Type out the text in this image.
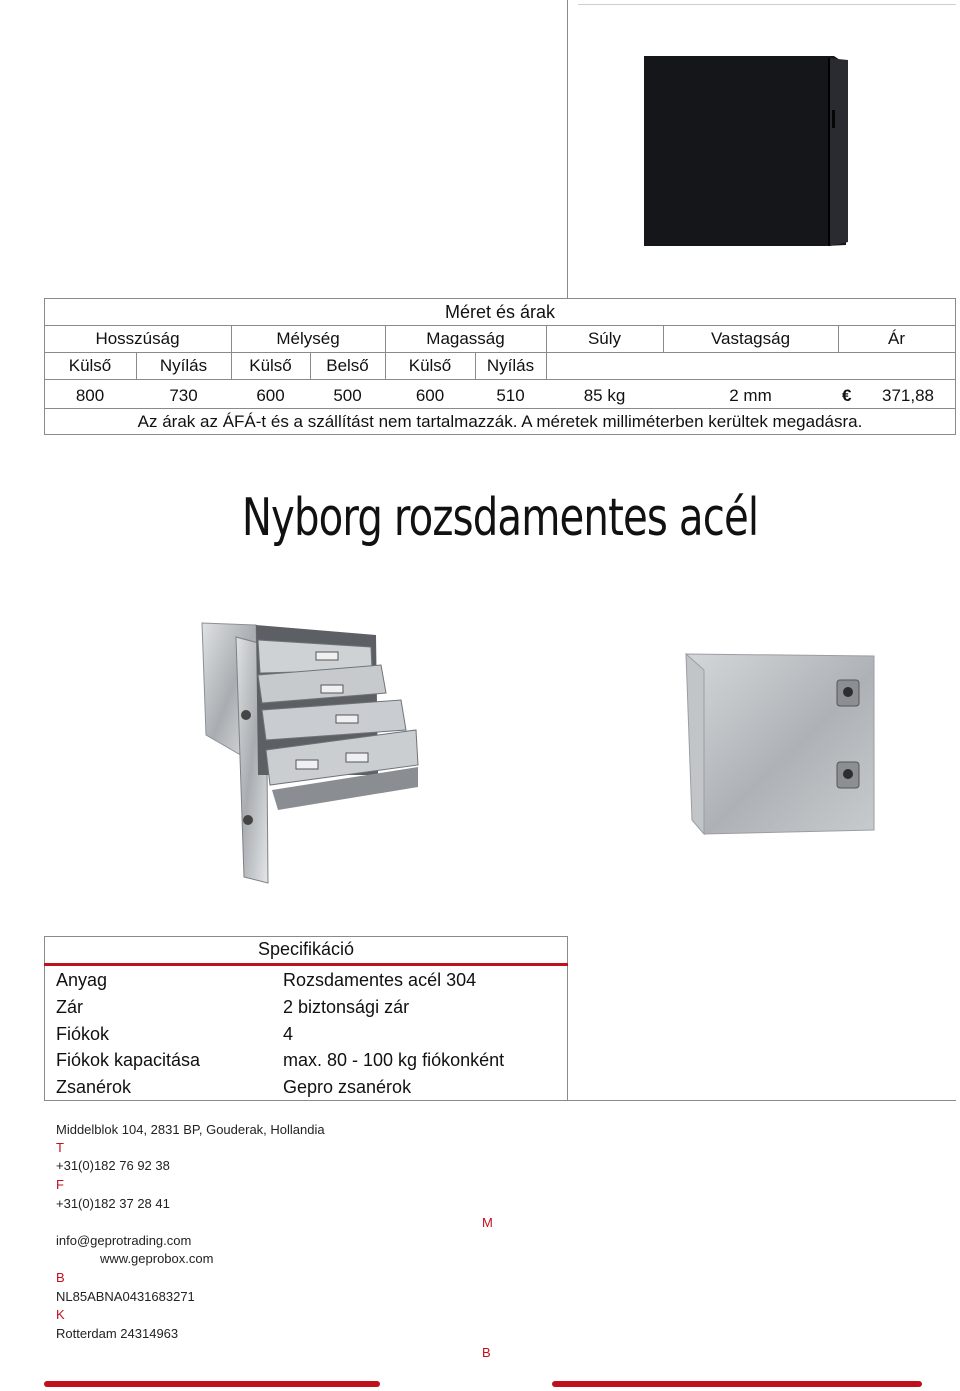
Méret és árak
Hosszúság	Mélység	Magasság	Súly	Vastagság	Ár
Külső	Nyílás	Külső	Belső	Külső	Nyílás
800	730	600	500	600	510	85 kg	2 mm	€	371,88
Az árak az ÁFÁ-t és a szállítást nem tartalmazzák. A méretek milliméterben kerültek megadásra.
Nyborg rozsdamentes acél
Specifikáció
Anyag	Rozsdamentes acél 304
Zár	2 biztonsági zár
Fiókok	4
Fiókok kapacitása	max. 80 - 100 kg fiókonként
Zsanérok	Gepro zsanérok
Middelblok 104, 2831 BP, Gouderak, Hollandia
T
+31(0)182 76 92 38
F
+31(0)182 37 28 41
info@geprotrading.com
www.geprobox.com
B
NL85ABNA0431683271
K
Rotterdam 24314963
M
B
